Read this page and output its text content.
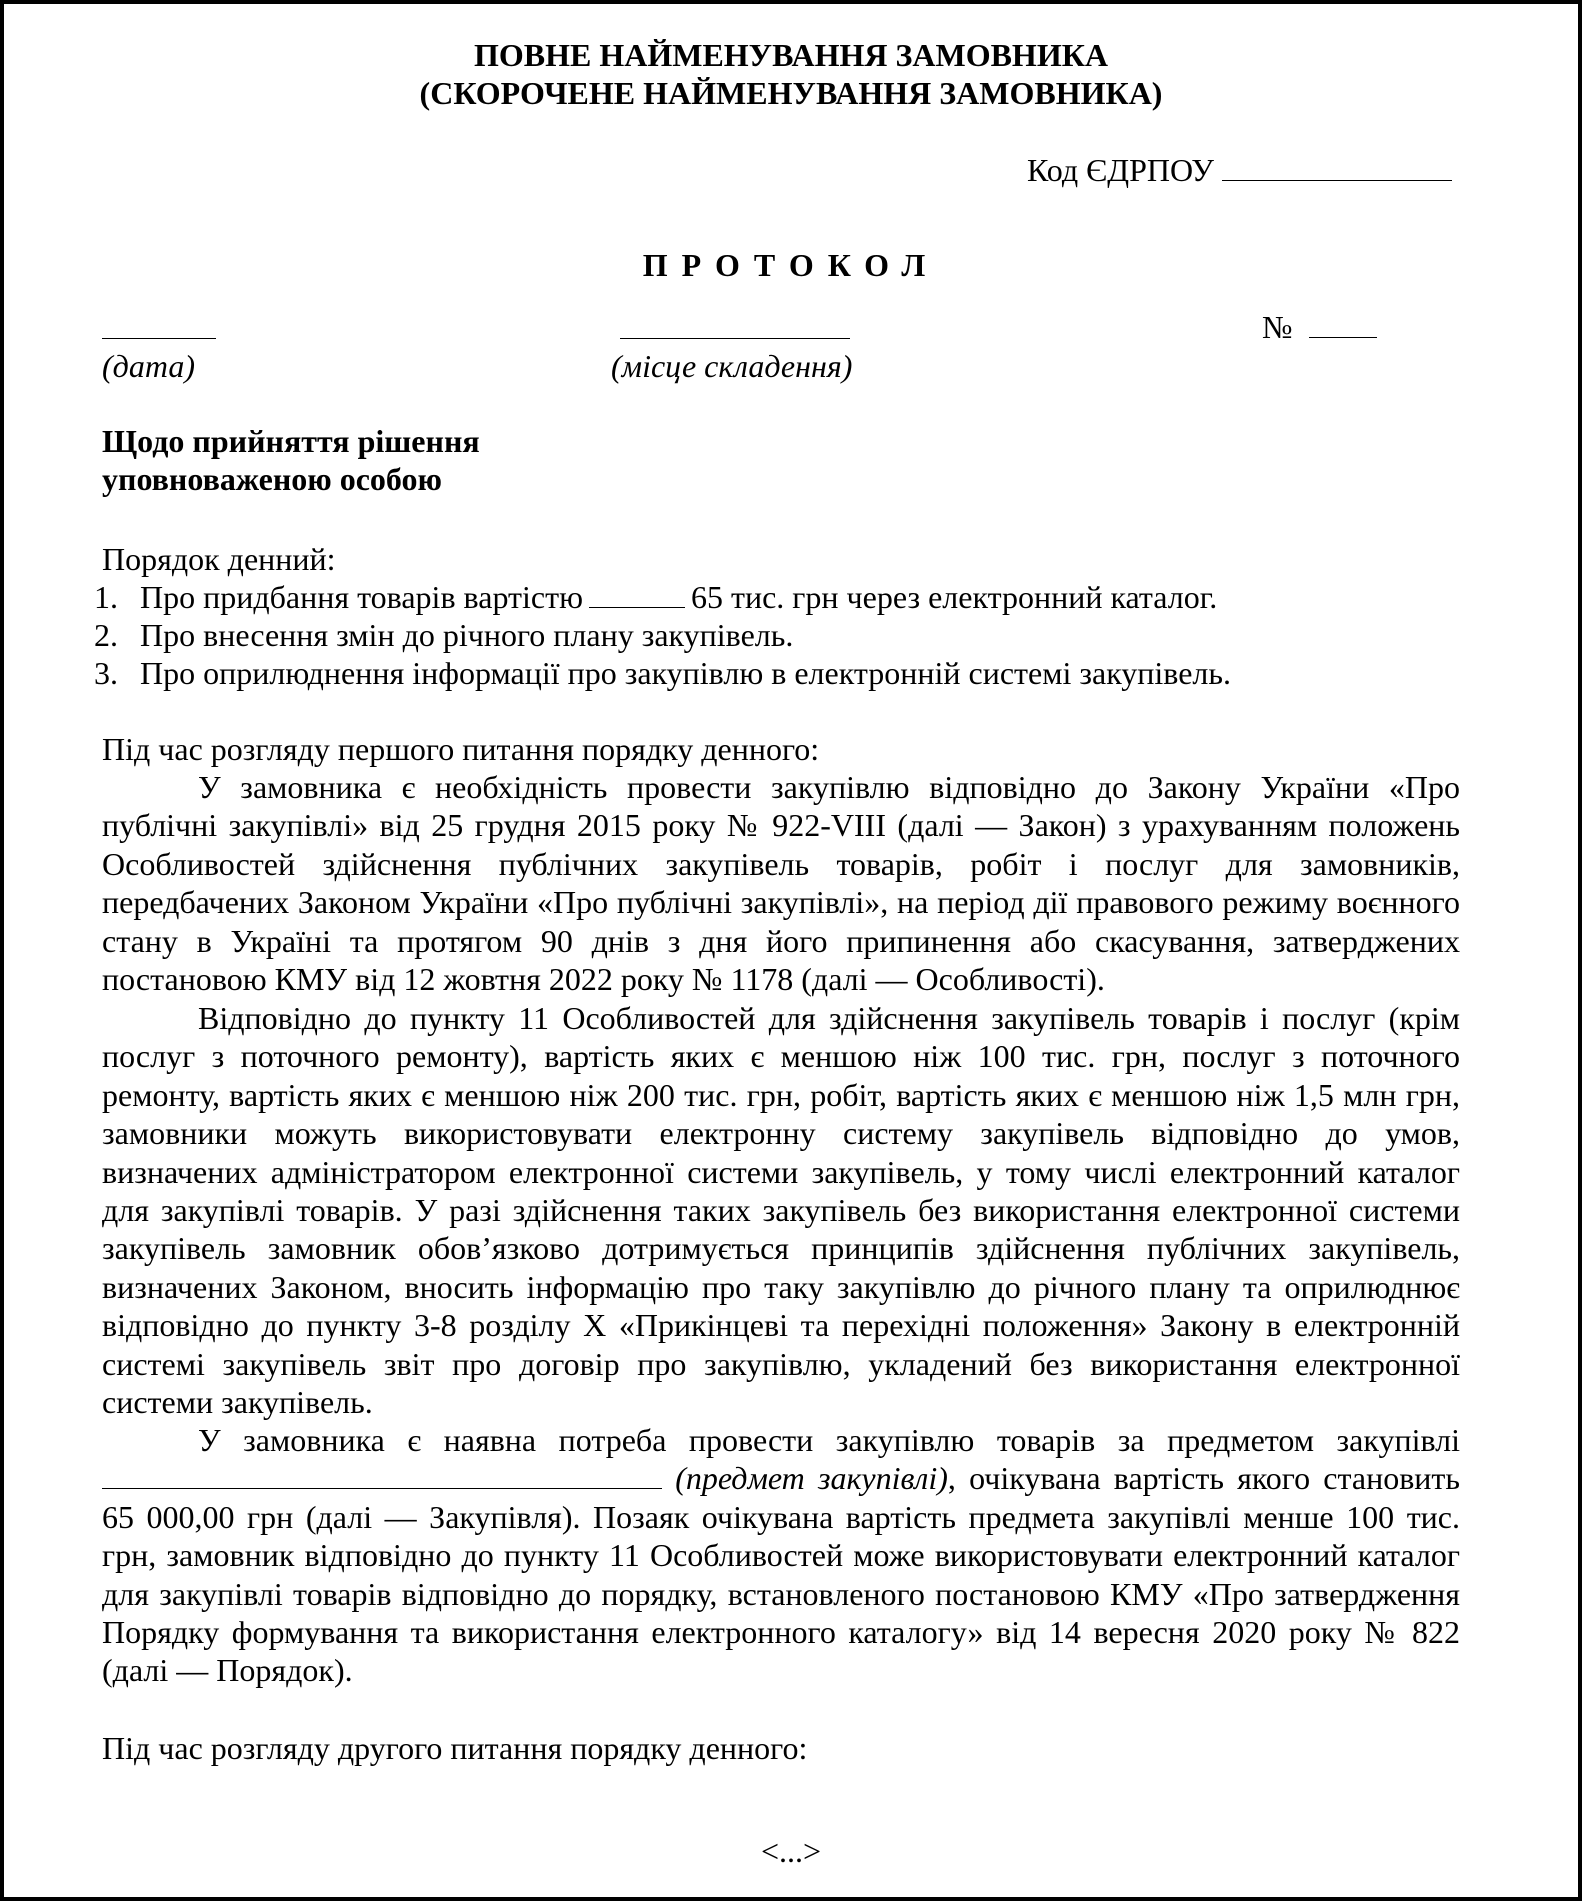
ПОВНЕ НАЙМЕНУВАННЯ ЗАМОВНИКА
(СКОРОЧЕНЕ НАЙМЕНУВАННЯ ЗАМОВНИКА)
Код ЄДРПОУ
ПРОТОКОЛ
(дата)	(місце складення)
№
Щодо прийняття рішення
уповноваженою особою
Порядок денний:
1. Про придбання товарів вартістю	65 тис. грн через електронний каталог.
2. Про внесення змін до річного плану закупівель.
3. Про оприлюднення інформації про закупівлю в електронній системі закупівель.
Під час розгляду першого питання порядку денного:
У замовника є необхідність провести закупівлю відповідно до Закону України «Про публічні закупівлі» від 25 грудня 2015 року № 922-VIII (далі — Закон) з урахуванням положень Особливостей здійснення публічних закупівель товарів, робіт і послуг для замовників, передбачених Законом України «Про публічні закупівлі», на період дії правового режиму воєнного стану в Україні та протягом 90 днів з дня його припинення або скасування, затверджених постановою КМУ від 12 жовтня 2022 року № 1178 (далі — Особливості).
Відповідно до пункту 11 Особливостей для здійснення закупівель товарів і послуг (крім послуг з поточного ремонту), вартість яких є меншою ніж 100 тис. грн, послуг з поточного ремонту, вартість яких є меншою ніж 200 тис. грн, робіт, вартість яких є меншою ніж 1,5 млн грн, замовники можуть використовувати електронну систему закупівель відповідно до умов, визначених адміністратором електронної системи закупівель, у тому числі електронний каталог для закупівлі товарів. У разі здійснення таких закупівель без використання електронної системи закупівель замовник обов’язково дотримується принципів здійснення публічних закупівель, визначених Законом, вносить інформацію про таку закупівлю до річного плану та оприлюднює відповідно до пункту 3-8 розділу X «Прикінцеві та перехідні положення» Закону в електронній системі закупівель звіт про договір про закупівлю, укладений без використання електронної системи закупівель.
У замовника є наявна потреба провести закупівлю товарів за предметом закупівлі  (предмет закупівлі), очікувана вартість якого становить 65 000,00 грн (далі — Закупівля). Позаяк очікувана вартість предмета закупівлі менше 100 тис. грн, замовник відповідно до пункту 11 Особливостей може використовувати електронний каталог для закупівлі товарів відповідно до порядку, встановленого постановою КМУ «Про затвердження Порядку формування та використання електронного каталогу» від 14 вересня 2020 року № 822 (далі — Порядок).
Під час розгляду другого питання порядку денного:
<...>
